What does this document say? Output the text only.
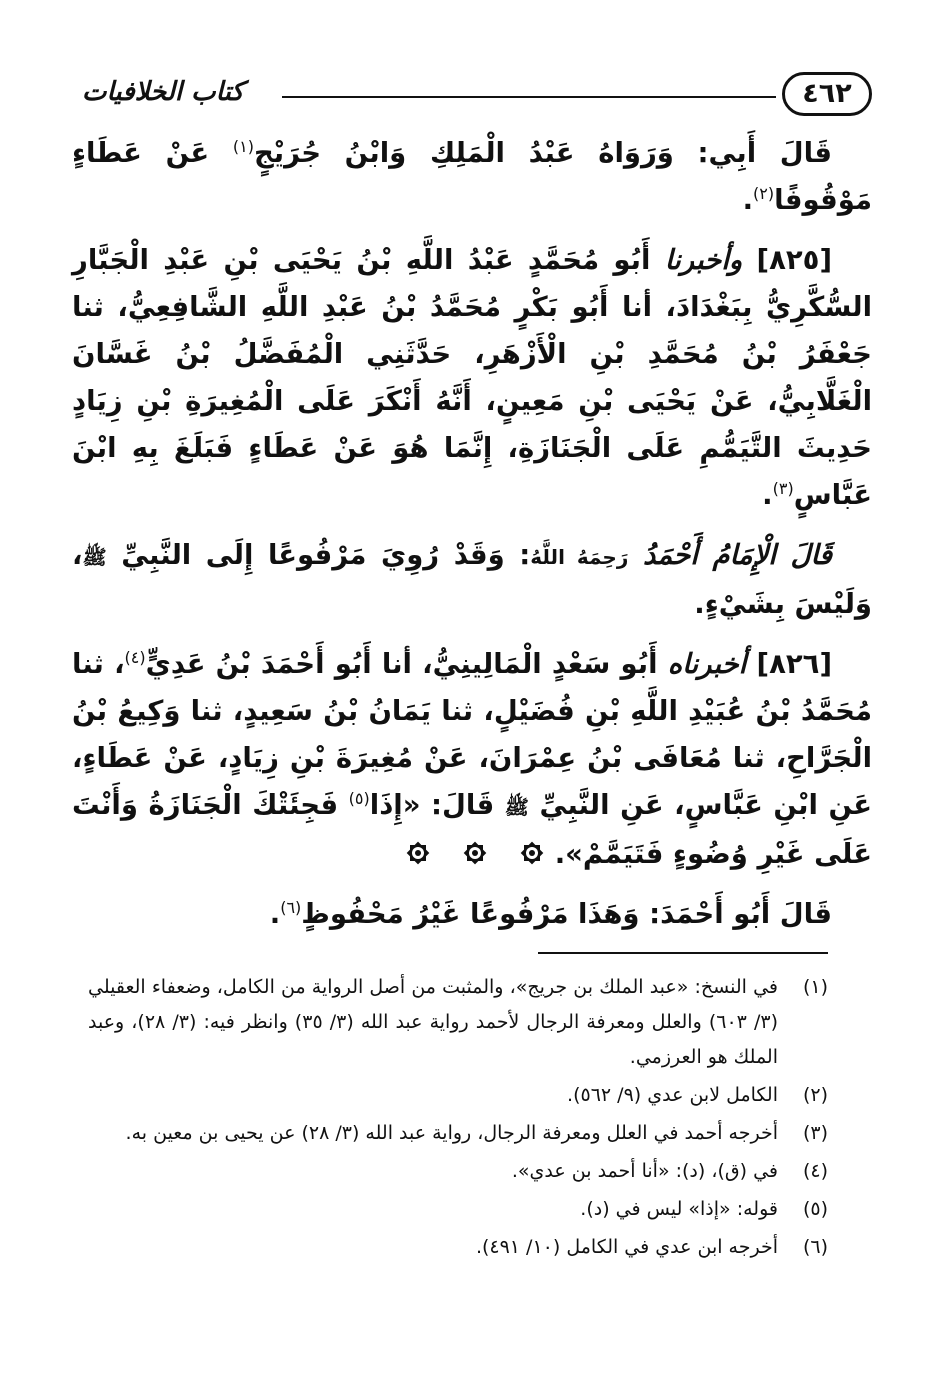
٤٦٢
كتاب الخلافيات

قَالَ أَبِي: وَرَوَاهُ عَبْدُ الْمَلِكِ وَابْنُ جُرَيْجٍ$^{(١)}$ عَنْ عَطَاءٍ مَوْقُوفًا$^{(٢)}$.

[٨٢٥] وأخبرنا أَبُو مُحَمَّدٍ عَبْدُ اللَّهِ بْنُ يَحْيَى بْنِ عَبْدِ الْجَبَّارِ السُّكَّرِيُّ بِبَغْدَادَ، أنا أَبُو بَكْرٍ مُحَمَّدُ بْنُ عَبْدِ اللَّهِ الشَّافِعِيُّ، ثنا جَعْفَرُ بْنُ مُحَمَّدِ بْنِ الْأَزْهَرِ، حَدَّثَنِي الْمُفَضَّلُ بْنُ غَسَّانَ الْغَلَّابِيُّ، عَنْ يَحْيَى بْنِ مَعِينٍ، أَنَّهُ أَنْكَرَ عَلَى الْمُغِيرَةِ بْنِ زِيَادٍ حَدِيثَ التَّيَمُّمِ عَلَى الْجَنَازَةِ، إِنَّمَا هُوَ عَنْ عَطَاءٍ فَبَلَغَ بِهِ ابْنَ عَبَّاسٍ$^{(٣)}$.

قَالَ الْإِمَامُ أَحْمَدُ رَحِمَهُ اللَّهُ: وَقَدْ رُوِيَ مَرْفُوعًا إِلَى النَّبِيِّ ﷺ، وَلَيْسَ بِشَيْءٍ.

[٨٢٦] أخبرناه أَبُو سَعْدٍ الْمَالِينِيُّ، أنا أَبُو أَحْمَدَ بْنُ عَدِيٍّ$^{(٤)}$، ثنا مُحَمَّدُ بْنُ عُبَيْدِ اللَّهِ بْنِ فُضَيْلٍ، ثنا يَمَانُ بْنُ سَعِيدٍ، ثنا وَكِيعُ بْنُ الْجَرَّاحِ، ثنا مُعَافَى بْنُ عِمْرَانَ، عَنْ مُغِيرَةَ بْنِ زِيَادٍ، عَنْ عَطَاءٍ، عَنِ ابْنِ عَبَّاسٍ، عَنِ النَّبِيِّ ﷺ قَالَ: «إِذَا$^{(٥)}$ فَجِئَتْكَ الْجَنَازَةُ وَأَنْتَ عَلَى غَيْرِ وُضُوءٍ فَتَيَمَّمْ».

قَالَ أَبُو أَحْمَدَ: وَهَذَا مَرْفُوعًا غَيْرُ مَحْفُوظٍ$^{(٦)}$.

(١)
في النسخ: «عبد الملك بن جريج»، والمثبت من أصل الرواية من الكامل، وضعفاء العقيلي (٣/ ٦٠٣) والعلل ومعرفة الرجال لأحمد رواية عبد الله (٣/ ٣٥) وانظر فيه: (٣/ ٢٨)، وعبد الملك هو العرزمي.

(٢)
الكامل لابن عدي (٩/ ٥٦٢).

(٣)
أخرجه أحمد في العلل ومعرفة الرجال، رواية عبد الله (٣/ ٢٨) عن يحيى بن معين به.

(٤)
في (ق)، (د): «أنا أحمد بن عدي».

(٥)
قوله: «إذا» ليس في (د).

(٦)
أخرجه ابن عدي في الكامل (١٠/ ٤٩١).
